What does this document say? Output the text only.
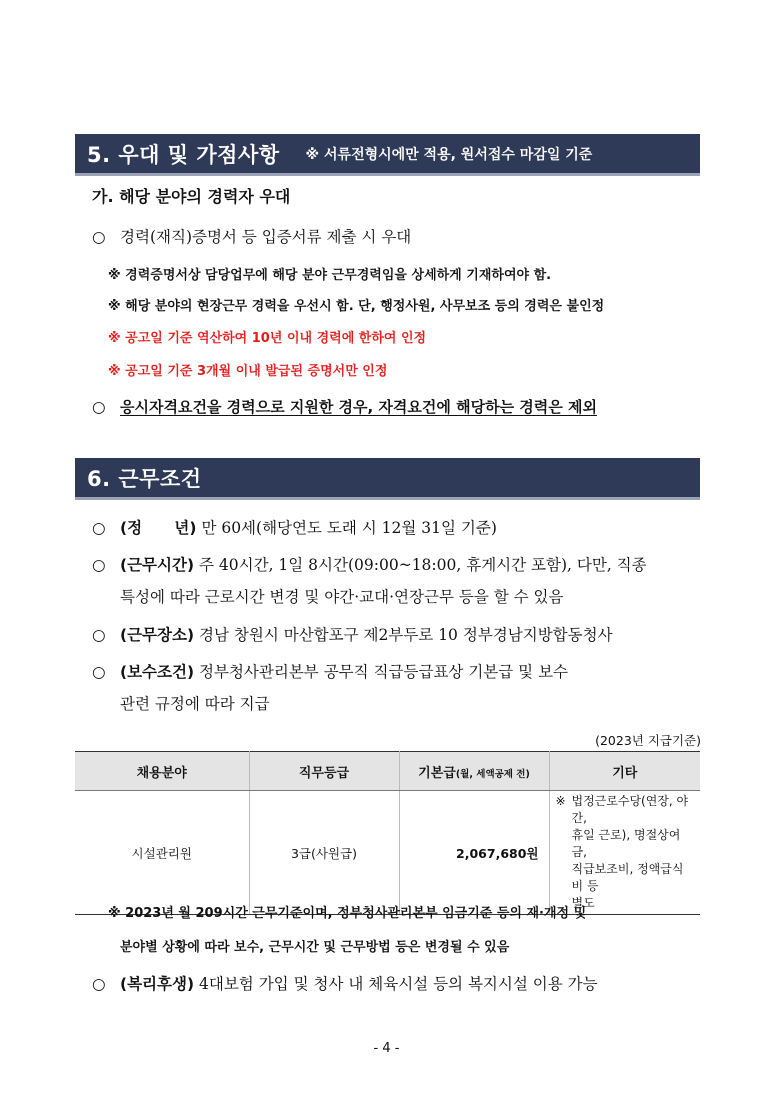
5. 우대 및 가점사항 ※ 서류전형시에만 적용, 원서접수 마감일 기준
가. 해당 분야의 경력자 우대
○ 경력(재직)증명서 등 입증서류 제출 시 우대
※ 경력증명서상 담당업무에 해당 분야 근무경력임을 상세하게 기재하여야 함.
※ 해당 분야의 현장근무 경력을 우선시 함. 단, 행정사원, 사무보조 등의 경력은 불인정
※ 공고일 기준 역산하여 10년 이내 경력에 한하여 인정
※ 공고일 기준 3개월 이내 발급된 증명서만 인정
○ 응시자격요건을 경력으로 지원한 경우, 자격요건에 해당하는 경력은 제외
6. 근무조건
○ (정      년) 만 60세(해당연도 도래 시 12월 31일 기준)
○ (근무시간) 주 40시간, 1일 8시간(09:00~18:00, 휴게시간 포함), 다만, 직종
특성에 따라 근로시간 변경 및 야간·교대·연장근무 등을 할 수 있음
○ (근무장소) 경남 창원시 마산합포구 제2부두로 10 정부경남지방합동청사
○ (보수조건) 정부청사관리본부 공무직 직급등급표상 기본급 및 보수
관련 규정에 따라 지급
(2023년 지급기준)
채용분야	직무등급	기본급(월, 세액공제 전)	기타
시설관리원	3급(사원급)	2,067,680원	※ 법정근로수당(연장, 야간,
휴일 근로), 명절상여금,
직급보조비, 정액급식비 등
별도
※ 2023년 월 209시간 근무기준이며, 정부청사관리본부 임금기준 등의 재·개정 및
분야별 상황에 따라 보수, 근무시간 및 근무방법 등은 변경될 수 있음
○ (복리후생) 4대보험 가입 및 청사 내 체육시설 등의 복지시설 이용 가능
- 4 -
